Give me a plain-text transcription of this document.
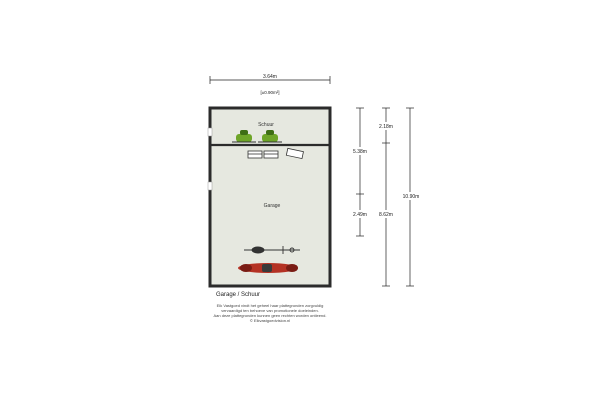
3.64m
[±0.90m²]
Schuur
Garage
2.18m
5.38m
2.49m 8.62m
10.90m
Garage / Schuur
Elk Vastgoed vindt het geheel haar plattegronden zorgvuldig
vervaardigd ten behoeve van promotionele doeleinden.
Aan deze plattegronden kunnen geen rechten worden ontleend.
© Elkvastgoedvision.nl
